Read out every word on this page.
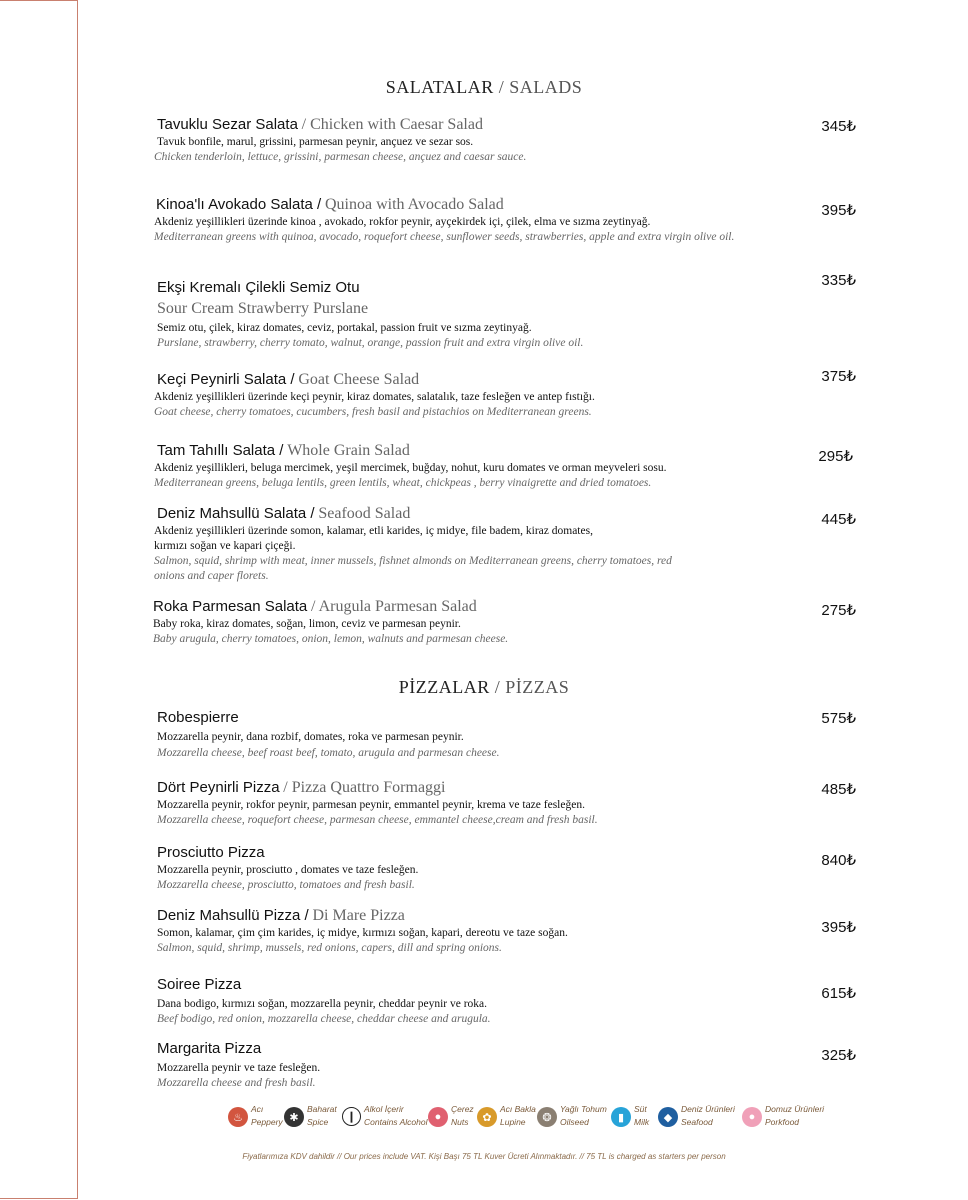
SALATALAR / SALADS
Tavuklu Sezar Salata / Chicken with Caesar Salad
Tavuk bonfile, marul, grissini, parmesan peynir, ançuez ve sezar sos.
Chicken tenderloin, lettuce, grissini, parmesan cheese, ançuez and caesar sauce.
345₺
Kinoa'lı Avokado Salata / Quinoa with Avocado Salad
Akdeniz yeşillikleri üzerinde kinoa , avokado, rokfor peynir, ayçekirdek içi, çilek, elma ve sızma zeytinyağ.
Mediterranean greens with quinoa, avocado, roquefort cheese, sunflower seeds, strawberries, apple and extra virgin olive oil.
395₺
Ekşi Kremalı Çilekli Semiz Otu
Sour Cream Strawberry Purslane
Semiz otu, çilek, kiraz domates, ceviz, portakal, passion fruit ve sızma zeytinyağ.
Purslane, strawberry, cherry tomato, walnut, orange, passion fruit and extra virgin olive oil.
335₺
Keçi Peynirli Salata / Goat Cheese Salad
Akdeniz yeşillikleri üzerinde keçi peynir, kiraz domates, salatalık, taze fesleğen ve antep fıstığı.
Goat cheese, cherry tomatoes, cucumbers, fresh basil and pistachios on Mediterranean greens.
375₺
Tam Tahıllı Salata / Whole Grain Salad
Akdeniz yeşillikleri, beluga mercimek, yeşil mercimek, buğday, nohut, kuru domates ve orman meyveleri sosu.
Mediterranean greens, beluga lentils, green lentils, wheat, chickpeas , berry vinaigrette and dried tomatoes.
295₺
Deniz Mahsullü Salata / Seafood Salad
Akdeniz yeşillikleri üzerinde somon, kalamar, etli karides, iç midye, file badem, kiraz domates, kırmızı soğan ve kapari çiçeği.
Salmon, squid, shrimp with meat, inner mussels, fishnet almonds on Mediterranean greens, cherry tomatoes, red onions and caper florets.
445₺
Roka Parmesan Salata / Arugula Parmesan Salad
Baby roka, kiraz domates, soğan, limon, ceviz ve parmesan peynir.
Baby arugula, cherry tomatoes, onion, lemon, walnuts and parmesan cheese.
275₺
PİZZALAR / PİZZAS
Robespierre
Mozzarella peynir, dana rozbif, domates, roka ve parmesan peynir.
Mozzarella cheese, beef roast beef, tomato, arugula and parmesan cheese.
575₺
Dört Peynirli Pizza / Pizza Quattro Formaggi
Mozzarella peynir, rokfor peynir, parmesan peynir, emmantel peynir, krema ve taze fesleğen.
Mozzarella cheese, roquefort cheese, parmesan cheese, emmantel cheese,cream and fresh basil.
485₺
Prosciutto Pizza
Mozzarella peynir, prosciutto , domates ve taze fesleğen.
Mozzarella cheese, prosciutto, tomatoes and fresh basil.
840₺
Deniz Mahsullü Pizza / Di Mare Pizza
Somon, kalamar, çim çim karides, iç midye, kırmızı soğan, kapari, dereotu ve taze soğan.
Salmon, squid, shrimp, mussels, red onions, capers, dill and spring onions.
395₺
Soiree Pizza
Dana bodigo, kırmızı soğan, mozzarella peynir, cheddar peynir ve roka.
Beef bodigo, red onion, mozzarella cheese, cheddar cheese and arugula.
615₺
Margarita Pizza
Mozzarella peynir ve taze fesleğen.
Mozzarella cheese and fresh basil.
325₺
♨
Acı
Peppery ✱
Baharat
Spice	❙
Alkol İçerir
Contains Alcohol ●
Çerez
Nuts	✿
Acı Bakla
Lupine	❂
Yağlı Tohum
Oilseed	▮
Süt
Milk	◆
Deniz Ürünleri
Seafood	●
Domuz Ürünleri
Porkfood
Fiyatlarımıza KDV dahildir // Our prices include VAT. Kişi Başı 75 TL Kuver Ücreti Alınmaktadır. // 75 TL is charged as starters per person
